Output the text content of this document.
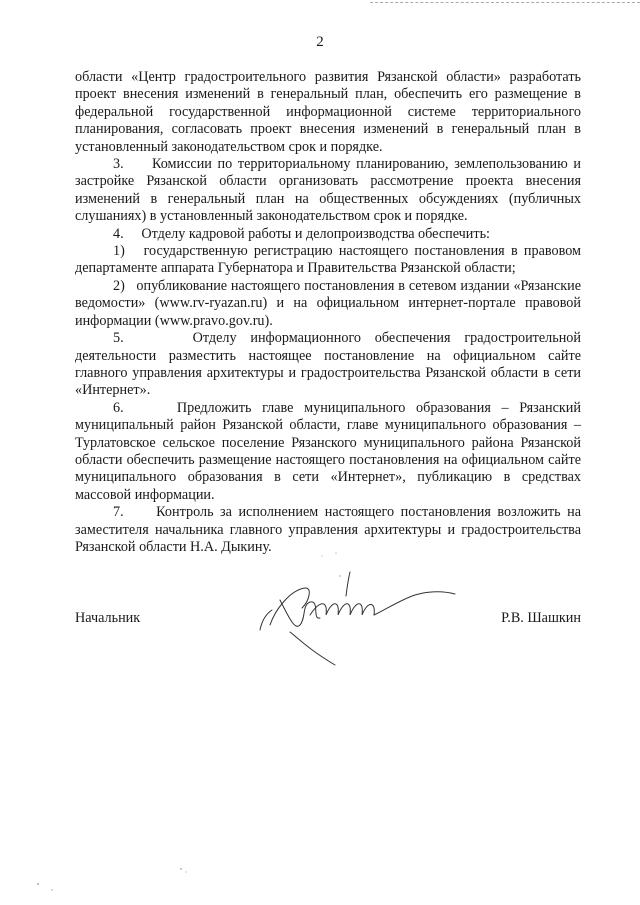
2

области «Центр градостроительного развития Рязанской области» разработать проект внесения изменений в генеральный план, обеспечить его размещение в федеральной государственной информационной системе территориального планирования, согласовать проект внесения изменений в генеральный план в установленный законодательством срок и порядке.

3.     Комиссии по территориальному планированию, землепользованию и застройке Рязанской области организовать рассмотрение проекта внесения изменений в генеральный план на общественных обсуждениях (публичных слушаниях) в установленный законодательством срок и порядке.

4.     Отделу кадровой работы и делопроизводства обеспечить:

1)   государственную регистрацию настоящего постановления в правовом департаменте аппарата Губернатора и Правительства Рязанской области;

2)   опубликование настоящего постановления в сетевом издании «Рязанские ведомости» (www.rv-ryazan.ru) и на официальном интернет-портале правовой информации (www.pravo.gov.ru).

5.     Отделу информационного обеспечения градостроительной деятельности разместить настоящее постановление на официальном сайте главного управления архитектуры и градостроительства Рязанской области в сети «Интернет».

6.     Предложить главе муниципального образования – Рязанский муниципальный район Рязанской области, главе муниципального образования – Турлатовское сельское поселение Рязанского муниципального района Рязанской области обеспечить размещение настоящего постановления на официальном сайте муниципального образования в сети «Интернет», публикацию в средствах массовой информации.

7.     Контроль за исполнением настоящего постановления возложить на заместителя начальника главного управления архитектуры и градостроительства Рязанской области Н.А. Дыкину.

Начальник	Р.В. Шашкин
